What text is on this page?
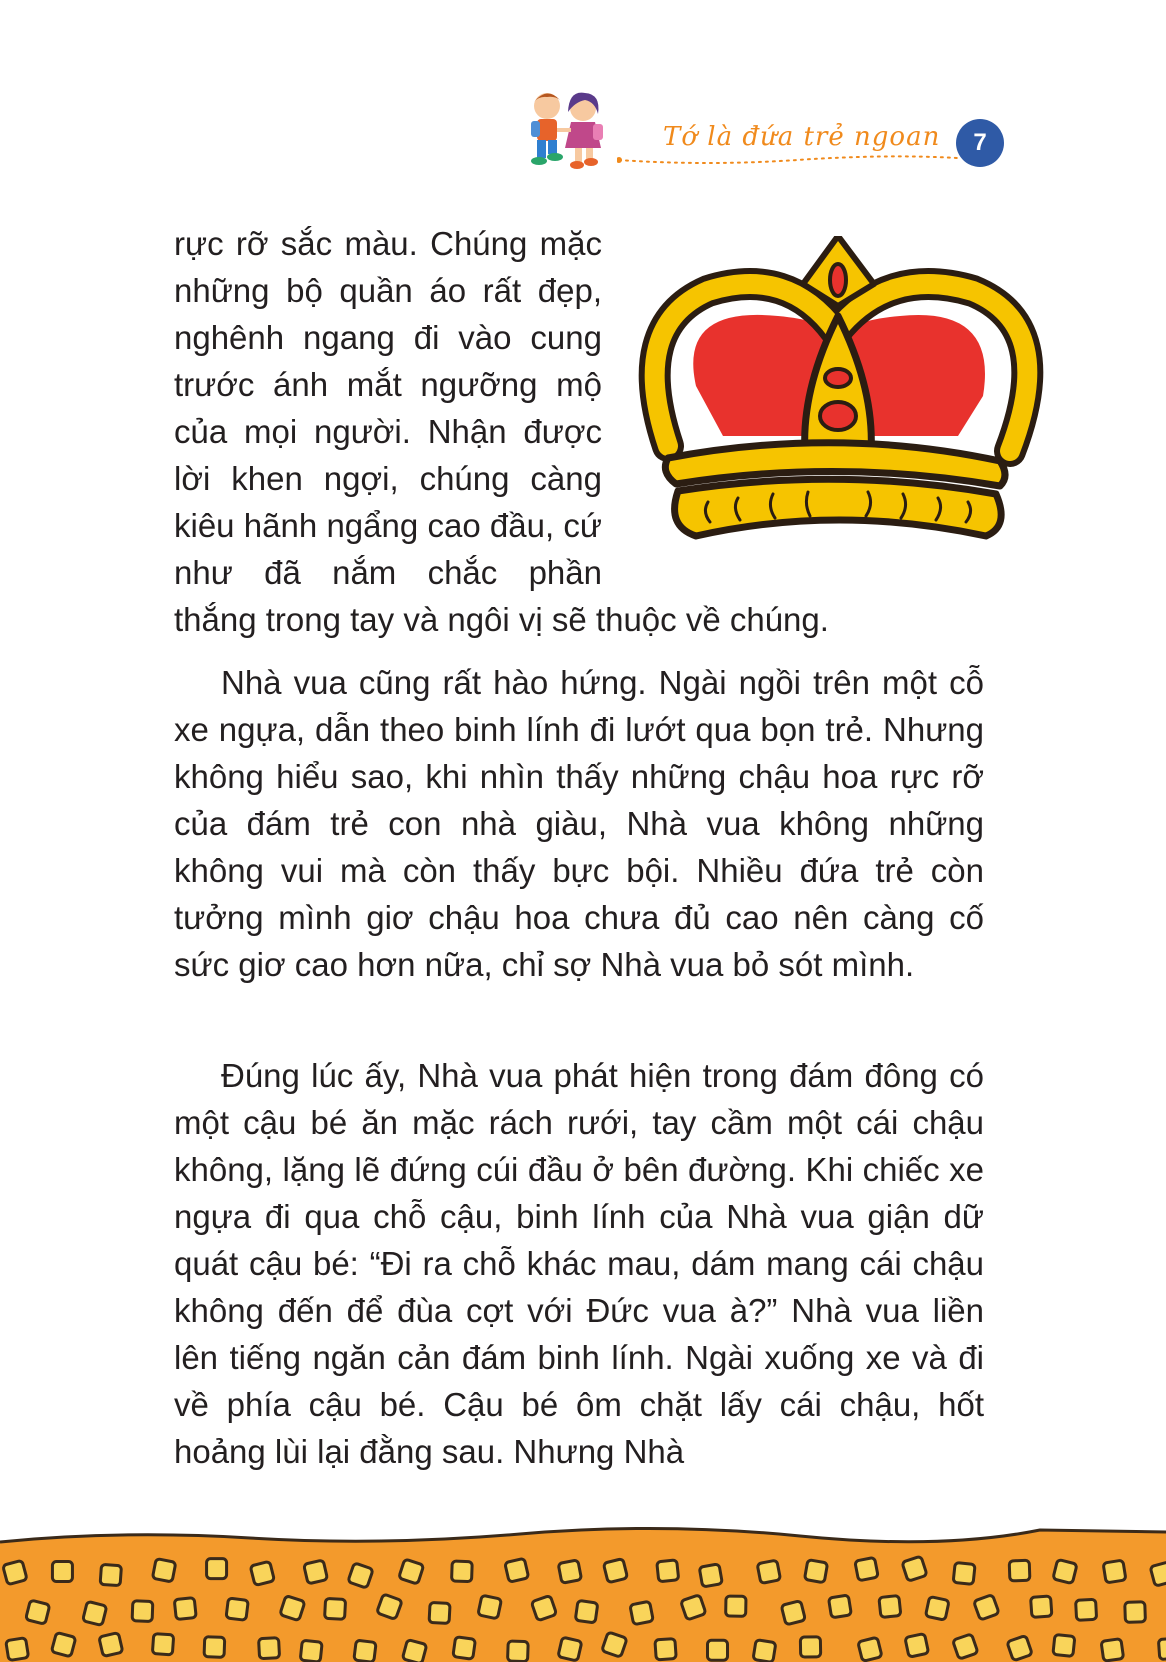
Tớ là đứa trẻ ngoan	7
rực rỡ sắc màu. Chúng mặc những bộ quần áo rất đẹp, nghênh ngang đi vào cung trước ánh mắt ngưỡng mộ của mọi người. Nhận được lời khen ngợi, chúng càng kiêu hãnh ngẩng cao đầu, cứ như đã nắm chắc phần
thắng trong tay và ngôi vị sẽ thuộc về chúng.

Nhà vua cũng rất hào hứng. Ngài ngồi trên một cỗ xe ngựa, dẫn theo binh lính đi lướt qua bọn trẻ. Nhưng không hiểu sao, khi nhìn thấy những chậu hoa rực rỡ của đám trẻ con nhà giàu, Nhà vua không những không vui mà còn thấy bực bội. Nhiều đứa trẻ còn tưởng mình giơ chậu hoa chưa đủ cao nên càng cố sức giơ cao hơn nữa, chỉ sợ Nhà vua bỏ sót mình.

Đúng lúc ấy, Nhà vua phát hiện trong đám đông có một cậu bé ăn mặc rách rưới, tay cầm một cái chậu không, lặng lẽ đứng cúi đầu ở bên đường. Khi chiếc xe ngựa đi qua chỗ cậu, binh lính của Nhà vua giận dữ quát cậu bé: “Đi ra chỗ khác mau, dám mang cái chậu không đến để đùa cợt với Đức vua à?” Nhà vua liền lên tiếng ngăn cản đám binh lính. Ngài xuống xe và đi về phía cậu bé. Cậu bé ôm chặt lấy cái chậu, hốt hoảng lùi lại đằng sau. Nhưng Nhà
